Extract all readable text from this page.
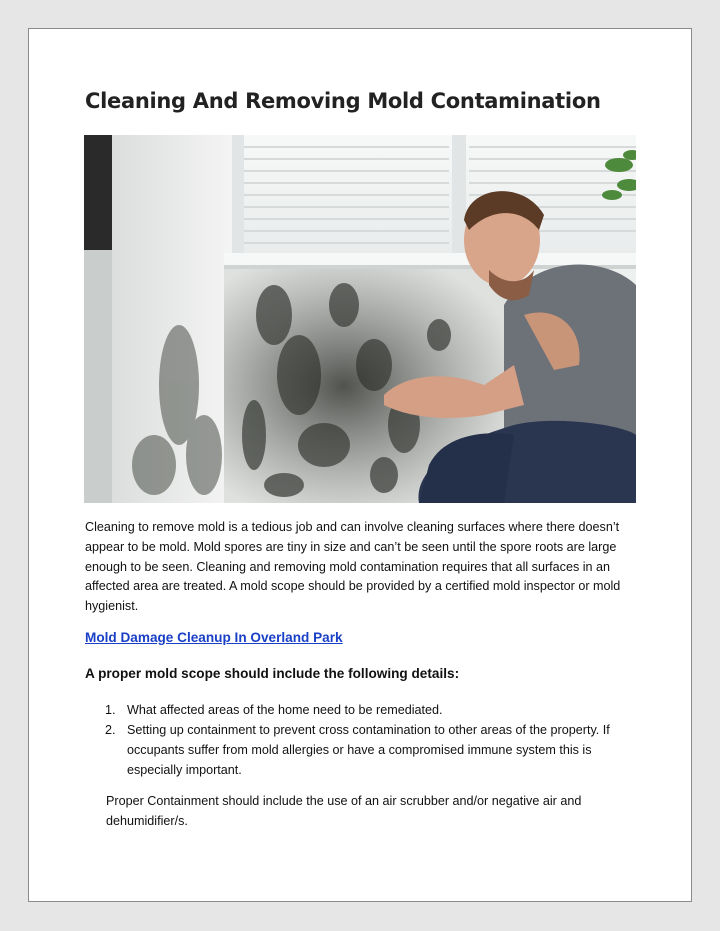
Cleaning And Removing Mold Contamination

Cleaning to remove mold is a tedious job and can involve cleaning surfaces where there doesn’t appear to be mold. Mold spores are tiny in size and can’t be seen until the spore roots are large enough to be seen. Cleaning and removing mold contamination requires that all surfaces in an affected area are treated. A mold scope should be provided by a certified mold inspector or mold hygienist.

Mold Damage Cleanup In Overland Park
A proper mold scope should include the following details:
1. What affected areas of the home need to be remediated.
2. Setting up containment to prevent cross contamination to other areas of the property. If occupants suffer from mold allergies or have a compromised immune system this is especially important.

Proper Containment should include the use of an air scrubber and/or negative air and dehumidifier/s.
